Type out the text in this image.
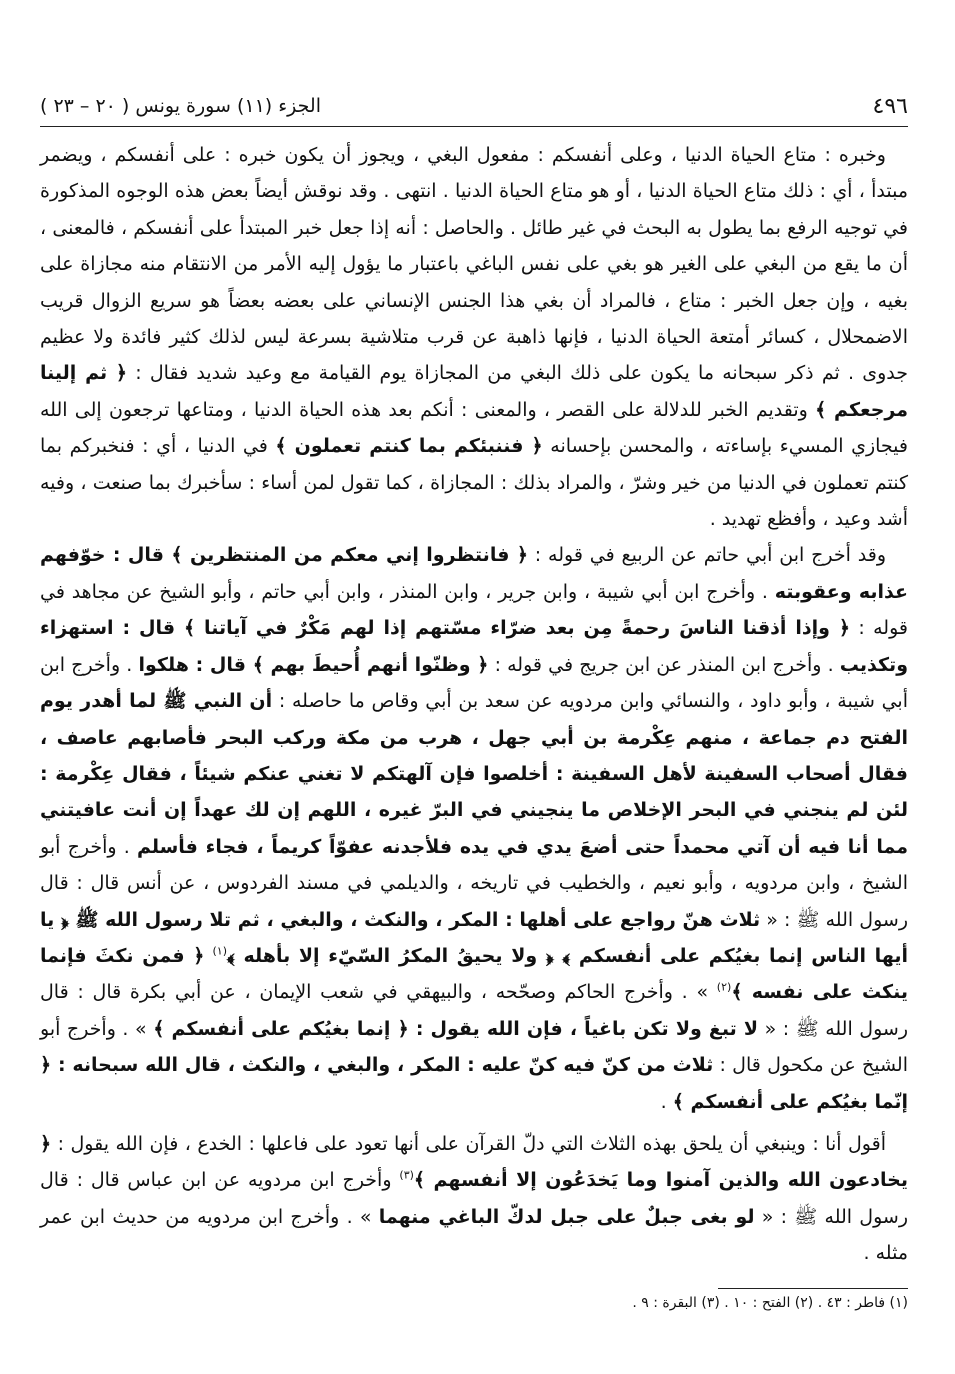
٤٩٦
الجزء (١١) سورة يونس ( ٢٠ – ٢٣ )

وخبره : متاع الحياة الدنيا ، وعلى أنفسكم : مفعول البغي ، ويجوز أن يكون خبره : على أنفسكم ، ويضمر مبتدأ ، أي : ذلك متاع الحياة الدنيا ، أو هو متاع الحياة الدنيا . انتهى . وقد نوقش أيضاً بعض هذه الوجوه المذكورة في توجيه الرفع بما يطول به البحث في غير طائل . والحاصل : أنه إذا جعل خبر المبتدأ على أنفسكم ، فالمعنى ، أن ما يقع من البغي على الغير هو بغي على نفس الباغي باعتبار ما يؤول إليه الأمر من الانتقام منه مجازاة على بغيه ، وإن جعل الخبر : متاع ، فالمراد أن بغي هذا الجنس الإنساني على بعضه بعضاً هو سريع الزوال قريب الاضمحلال ، كسائر أمتعة الحياة الدنيا ، فإنها ذاهبة عن قرب متلاشية بسرعة ليس لذلك كثير فائدة ولا عظيم جدوى . ثم ذكر سبحانه ما يكون على ذلك البغي من المجازاة يوم القيامة مع وعيد شديد فقال : ﴿ ثم إلينا مرجعكم ﴾ وتقديم الخبر للدلالة على القصر ، والمعنى : أنكم بعد هذه الحياة الدنيا ، ومتاعها ترجعون إلى الله فيجازي المسيء بإساءته ، والمحسن بإحسانه ﴿ فننبئكم بما كنتم تعملون ﴾ في الدنيا ، أي : فنخبركم بما كنتم تعملون في الدنيا من خير وشرّ ، والمراد بذلك : المجازاة ، كما تقول لمن أساء : سأخبرك بما صنعت ، وفيه أشد وعيد ، وأفظع تهديد .

وقد أخرج ابن أبي حاتم عن الربيع في قوله : ﴿ فانتظروا إني معكم من المنتظرين ﴾ قال : خوّفهم عذابه وعقوبته . وأخرج ابن أبي شيبة ، وابن جرير ، وابن المنذر ، وابن أبي حاتم ، وأبو الشيخ عن مجاهد في قوله : ﴿ وإذا أذقنا الناسَ رحمةً مِن بعد ضرّاء مسّتهم إذا لهم مَكْرٌ في آياتنا ﴾ قال : استهزاء وتكذيب . وأخرج ابن المنذر عن ابن جريج في قوله : ﴿ وظنّوا أنهم أُحيطَ بهم ﴾ قال : هلكوا . وأخرج ابن أبي شيبة ، وأبو داود ، والنسائي وابن مردويه عن سعد بن أبي وقاص ما حاصله : أن النبي ﷺ لما أهدر يوم الفتح دم جماعة ، منهم عِكْرمة بن أبي جهل ، هرب من مكة وركب البحر فأصابهم عاصف ، فقال أصحاب السفينة لأهل السفينة : أخلصوا فإن آلهتكم لا تغني عنكم شيئاً ، فقال عِكْرمة : لئن لم ينجني في البحر الإخلاص ما ينجيني في البرّ غيره ، اللهم إن لك عهداً إن أنت عافيتني مما أنا فيه أن آتي محمداً حتى أضعَ يدي في يده فلأجدنه عفوّاً كريماً ، فجاء فأسلم . وأخرج أبو الشيخ ، وابن مردويه ، وأبو نعيم ، والخطيب في تاريخه ، والديلمي في مسند الفردوس ، عن أنس قال : قال رسول الله ﷺ : « ثلاث هنّ رواجع على أهلها : المكر ، والنكث ، والبغي ، ثم تلا رسول الله ﷺ ﴿ يا أيها الناس إنما بغيُكم على أنفسكم ﴾ ﴿ ولا يحيقُ المكرُ السّيّء إلا بأهله ﴾$^{(١)}$ ﴿ فمن نكثَ فإنما ينكث على نفسه ﴾$^{(٢)}$ » . وأخرج الحاكم وصحّحه ، والبيهقي في شعب الإيمان ، عن أبي بكرة قال : قال رسول الله ﷺ : « لا تبغ ولا تكن باغياً ، فإن الله يقول : ﴿ إنما بغيُكم على أنفسكم ﴾ » . وأخرج أبو الشيخ عن مكحول قال : ثلاث من كنّ فيه كنّ عليه : المكر ، والبغي ، والنكث ، قال الله سبحانه : ﴿ إنّما بغيُكم على أنفسكم ﴾ .

أقول أنا : وينبغي أن يلحق بهذه الثلاث التي دلّ القرآن على أنها تعود على فاعلها : الخدع ، فإن الله يقول : ﴿ يخادعون الله والذين آمنوا وما يَخدَعُون إلا أنفسهم ﴾$^{(٣)}$ وأخرج ابن مردويه عن ابن عباس قال : قال رسول الله ﷺ : « لو بغى جبلٌ على جبل لدكّ الباغي منهما » . وأخرج ابن مردويه من حديث ابن عمر مثله .

(١) فاطر : ٤٣ . (٢) الفتح : ١٠ . (٣) البقرة : ٩ .
